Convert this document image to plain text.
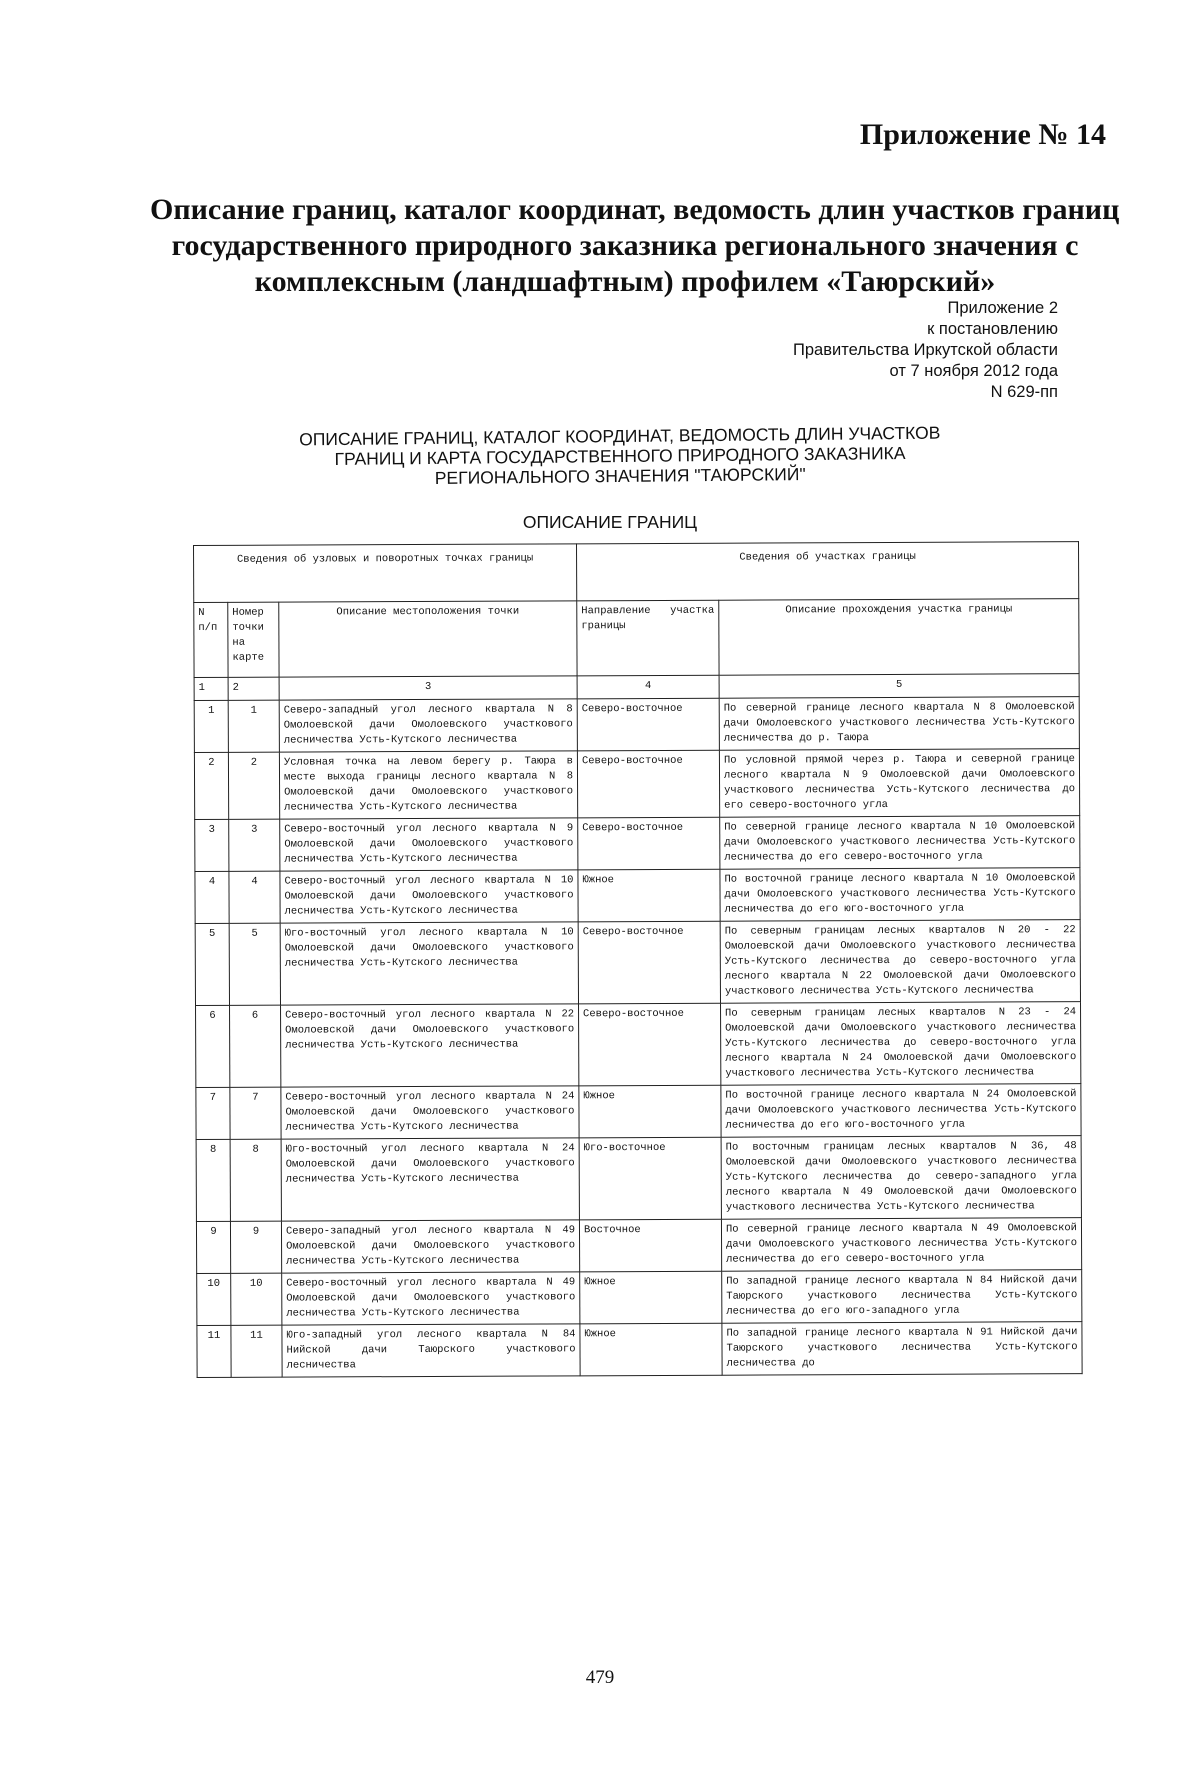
Приложение № 14
Описание границ, каталог координат, ведомость длин участков границ
государственного природного заказника регионального значения с
комплексным (ландшафтным) профилем «Таюрский»
Приложение 2
к постановлению
Правительства Иркутской области
от 7 ноября 2012 года
N 629-пп
ОПИСАНИЕ ГРАНИЦ, КАТАЛОГ КООРДИНАТ, ВЕДОМОСТЬ ДЛИН УЧАСТКОВ
ГРАНИЦ И КАРТА ГОСУДАРСТВЕННОГО ПРИРОДНОГО ЗАКАЗНИКА
РЕГИОНАЛЬНОГО ЗНАЧЕНИЯ "ТАЮРСКИЙ"
ОПИСАНИЕ ГРАНИЦ
Сведения об узловых и поворотных точках границы			Сведения об участках границы	
N п/п	Номер точки на карте	Описание местоположения точки	Направление участка границы	Описание прохождения участка границы
1	2	3	4	5
1	1	Северо-западный угол лесного квартала N 8 Омолоевской дачи Омолоевского участкового лесничества Усть-Кутского лесничества	Северо-восточное	По северной границе лесного квартала N 8 Омолоевской дачи Омолоевского участкового лесничества Усть-Кутского лесничества до р. Таюра
2	2	Условная точка на левом берегу р. Таюра в месте выхода границы лесного квартала N 8 Омолоевской дачи Омолоевского участкового лесничества Усть-Кутского лесничества	Северо-восточное	По условной прямой через р. Таюра и северной границе лесного квартала N 9 Омолоевской дачи Омолоевского участкового лесничества Усть-Кутского лесничества до его северо-восточного угла
3	3	Северо-восточный угол лесного квартала N 9 Омолоевской дачи Омолоевского участкового лесничества Усть-Кутского лесничества	Северо-восточное	По северной границе лесного квартала N 10 Омолоевской дачи Омолоевского участкового лесничества Усть-Кутского лесничества до его северо-восточного угла
4	4	Северо-восточный угол лесного квартала N 10 Омолоевской дачи Омолоевского участкового лесничества Усть-Кутского лесничества	Южное	По восточной границе лесного квартала N 10 Омолоевской дачи Омолоевского участкового лесничества Усть-Кутского лесничества до его юго-восточного угла
5	5	Юго-восточный угол лесного квартала N 10 Омолоевской дачи Омолоевского участкового лесничества Усть-Кутского лесничества	Северо-восточное	По северным границам лесных кварталов N 20 - 22 Омолоевской дачи Омолоевского участкового лесничества Усть-Кутского лесничества до северо-восточного угла лесного квартала N 22 Омолоевской дачи Омолоевского участкового лесничества Усть-Кутского лесничества
6	6	Северо-восточный угол лесного квартала N 22 Омолоевской дачи Омолоевского участкового лесничества Усть-Кутского лесничества	Северо-восточное	По северным границам лесных кварталов N 23 - 24 Омолоевской дачи Омолоевского участкового лесничества Усть-Кутского лесничества до северо-восточного угла лесного квартала N 24 Омолоевской дачи Омолоевского участкового лесничества Усть-Кутского лесничества
7	7	Северо-восточный угол лесного квартала N 24 Омолоевской дачи Омолоевского участкового лесничества Усть-Кутского лесничества	Южное	По восточной границе лесного квартала N 24 Омолоевской дачи Омолоевского участкового лесничества Усть-Кутского лесничества до его юго-восточного угла
8	8	Юго-восточный угол лесного квартала N 24 Омолоевской дачи Омолоевского участкового лесничества Усть-Кутского лесничества	Юго-восточное	По восточным границам лесных кварталов N 36, 48 Омолоевской дачи Омолоевского участкового лесничества Усть-Кутского лесничества до северо-западного угла лесного квартала N 49 Омолоевской дачи Омолоевского участкового лесничества Усть-Кутского лесничества
9	9	Северо-западный угол лесного квартала N 49 Омолоевской дачи Омолоевского участкового лесничества Усть-Кутского лесничества	Восточное	По северной границе лесного квартала N 49 Омолоевской дачи Омолоевского участкового лесничества Усть-Кутского лесничества до его северо-восточного угла
10	10	Северо-восточный угол лесного квартала N 49 Омолоевской дачи Омолоевского участкового лесничества Усть-Кутского лесничества	Южное	По западной границе лесного квартала N 84 Нийской дачи Таюрского участкового лесничества Усть-Кутского лесничества до его юго-западного угла
11	11	Юго-западный угол лесного квартала N 84 Нийской дачи Таюрского участкового лесничества	Южное	По западной границе лесного квартала N 91 Нийской дачи Таюрского участкового лесничества Усть-Кутского лесничества до
479
